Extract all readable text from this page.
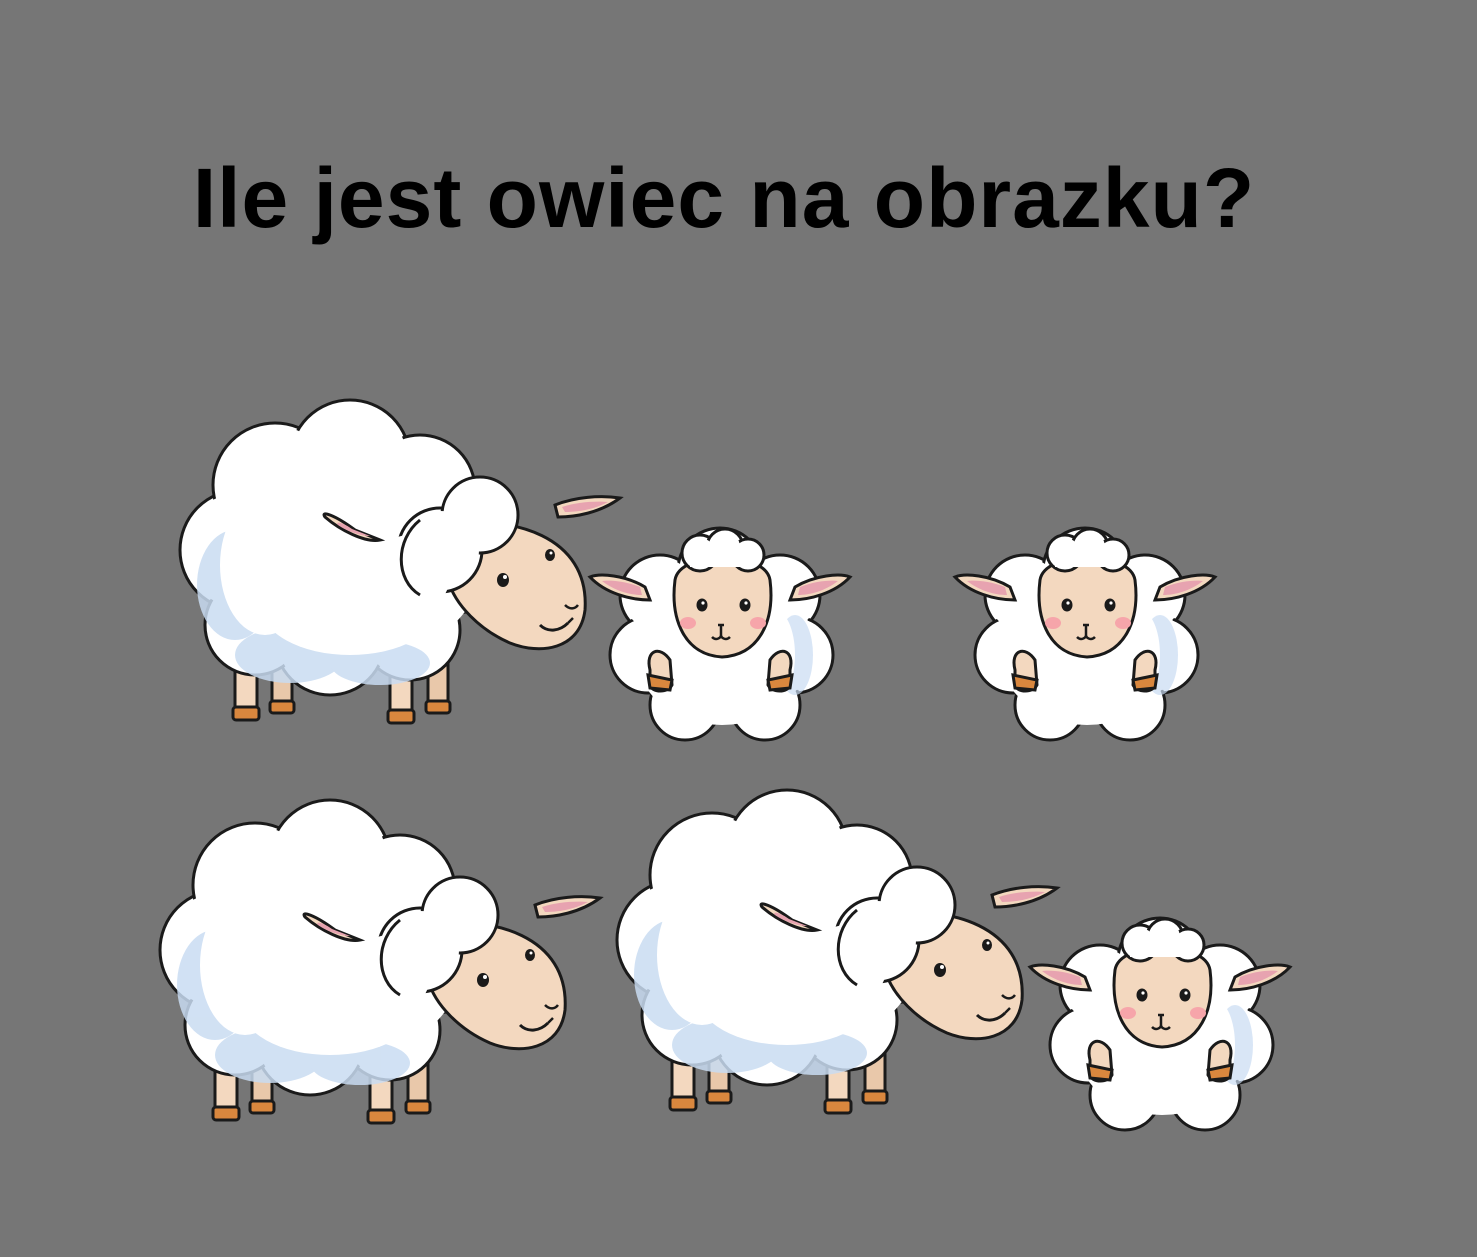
Ile jest owiec na obrazku?
